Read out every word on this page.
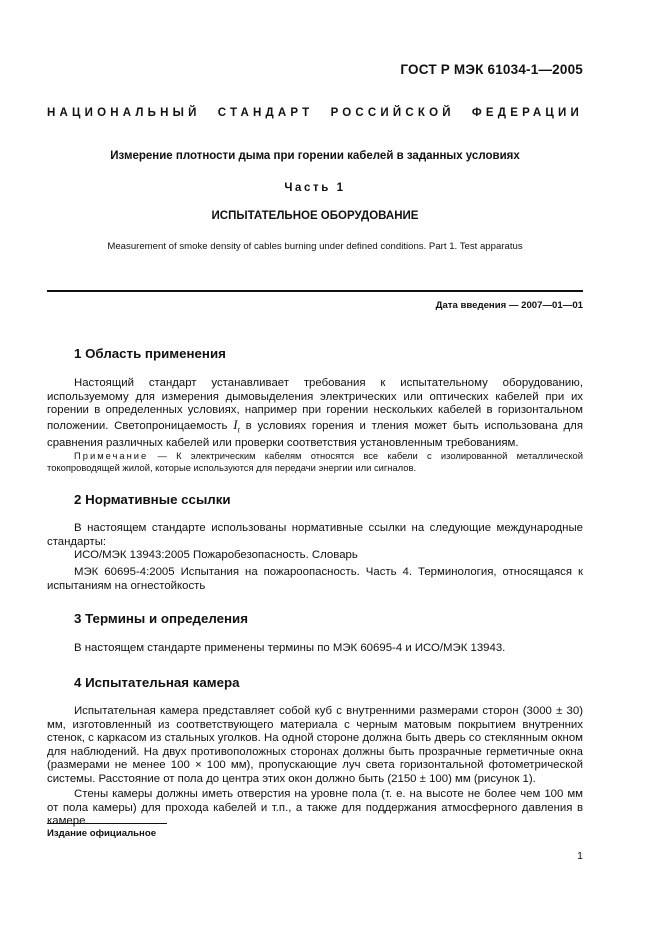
ГОСТ Р МЭК 61034-1—2005
НАЦИОНАЛЬНЫЙ СТАНДАРТ РОССИЙСКОЙ ФЕДЕРАЦИИ
Измерение плотности дыма при горении кабелей в заданных условиях
Часть 1
ИСПЫТАТЕЛЬНОЕ ОБОРУДОВАНИЕ
Measurement of smoke density of cables burning under defined conditions. Part 1. Test apparatus
Дата введения — 2007—01—01
1 Область применения

Настоящий стандарт устанавливает требования к испытательному оборудованию, используемому для измерения дымовыделения электрических или оптических кабелей при их горении в определенных условиях, например при горении нескольких кабелей в горизонтальном положении. Светопроницаемость $I_t$ в условиях горения и тления может быть использована для сравнения различных кабелей или проверки соответствия установленным требованиям.

Примечание — К электрическим кабелям относятся все кабели с изолированной металлической токопроводящей жилой, которые используются для передачи энергии или сигналов.

2 Нормативные ссылки

В настоящем стандарте использованы нормативные ссылки на следующие международные стандарты:

ИСО/МЭК 13943:2005 Пожаробезопасность. Словарь

МЭК 60695-4:2005 Испытания на пожароопасность. Часть 4. Терминология, относящаяся к испытаниям на огнестойкость

3 Термины и определения

В настоящем стандарте применены термины по МЭК 60695-4 и ИСО/МЭК 13943.

4 Испытательная камера

Испытательная камера представляет собой куб с внутренними размерами сторон (3000 ± 30) мм, изготовленный из соответствующего материала с черным матовым покрытием внутренних стенок, с каркасом из стальных уголков. На одной стороне должна быть дверь со стеклянным окном для наблюдений. На двух противоположных сторонах должны быть прозрачные герметичные окна (размерами не менее 100 × 100 мм), пропускающие луч света горизонтальной фотометрической системы. Расстояние от пола до центра этих окон должно быть (2150 ± 100) мм (рисунок 1).

Стены камеры должны иметь отверстия на уровне пола (т. е. на высоте не более чем 100 мм от пола камеры) для прохода кабелей и т.п., а также для поддержания атмосферного давления в камере.

Издание официальное
1
